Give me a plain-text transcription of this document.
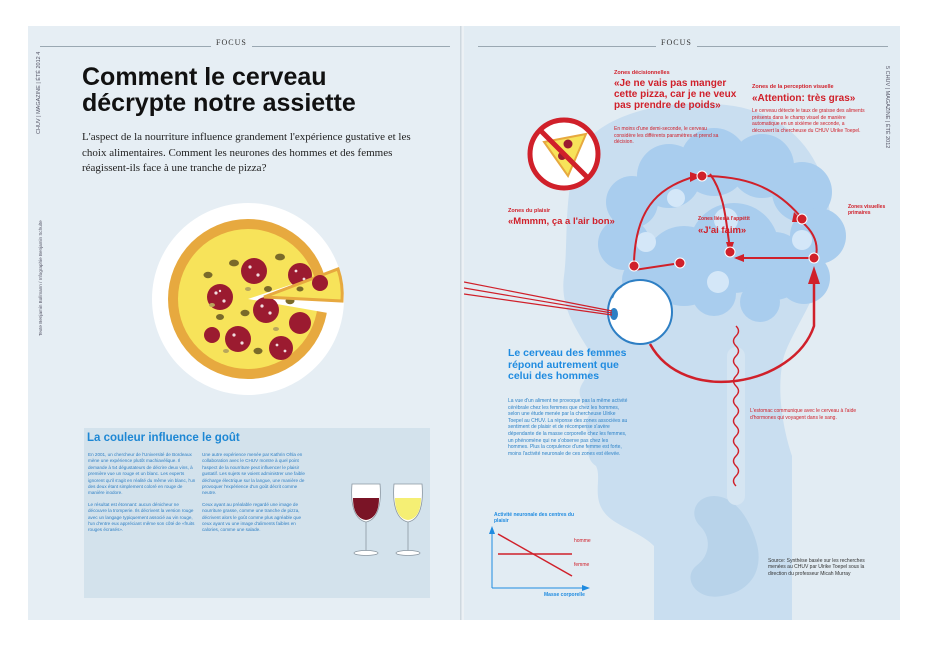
FOCUS
CHUV | MAGAZINE | ÉTÉ 2012 4
Texte Benjamin Bollmann / Infographie Benjamin Schulte
Comment le cerveau décrypte notre assiette

L'aspect de la nourriture influence grandement l'expérience gustative et les choix alimentaires. Comment les neurones des hommes et des femmes réagissent-ils face à une tranche de pizza?

La couleur influence le goût

En 2001, un chercheur de l'Université de Bordeaux mène une expérience plutôt machiavélique. Il demande à 54 dégustateurs de décrire deux vins, à première vue un rouge et un blanc. Les experts ignorent qu'il s'agit en réalité du même vin blanc, l'un des deux étant simplement coloré en rouge de manière inodore.

Le résultat est étonnant: aucun dénicheur ne découvre la tromperie. Ils décrivent la version rouge avec un langage typiquement associé au vin rouge, l'un d'entre eux appréciant même son côté de «fruits rouges écrasés».

Une autre expérience menée par Kathrin Ohla en collaboration avec le CHUV montre à quel point l'aspect de la nourriture peut influencer le plaisir gustatif. Les sujets se voient administrer une faible décharge électrique sur la langue, une manière de provoquer l'expérience d'un goût décrit comme neutre.

Ceux ayant au préalable regardé une image de nourriture grasse, comme une tranche de pizza, décrivent alors le goût comme plus agréable que ceux ayant vu une image d'aliments faibles en calories, comme une salade.

FOCUS
5 CHUV | MAGAZINE | ÉTÉ 2012
Zones décisionnelles
«Je ne vais pas manger cette pizza, car je ne veux pas prendre de poids»
En moins d'une demi-seconde, le cerveau considère les différents paramètres et prend sa décision.
Zones de la perception visuelle
«Attention: très gras»
Le cerveau détecte le taux de graisse des aliments présents dans le champ visuel de manière automatique en un sixième de seconde, a découvert la chercheuse du CHUV Ulrike Toepel.
Zones du plaisir
«Mmmm, ça a l'air bon»	Zones liées à l'appétit
«J'ai faim»
Zones visuelles primaires
Le cerveau des femmes répond autrement que celui des hommes
La vue d'un aliment ne provoque pas la même activité cérébrale chez les femmes que chez les hommes, selon une étude menée par la chercheuse Ulrike Toepel au CHUV. La réponse des zones associées au sentiment de plaisir et de récompense s'avère dépendante de la masse corporelle chez les femmes, un phénomène qui ne s'observe pas chez les hommes. Plus la corpulence d'une femme est forte, moins l'activité neuronale de ces zones est élevée.
L'estomac communique avec le cerveau à l'aide d'hormones qui voyagent dans le sang.
Activité neuronale des centres du plaisir
Masse corporelle
homme
femme
Source: Synthèse basée sur les recherches menées au CHUV par Ulrike Toepel sous la direction du professeur Micah Murray
